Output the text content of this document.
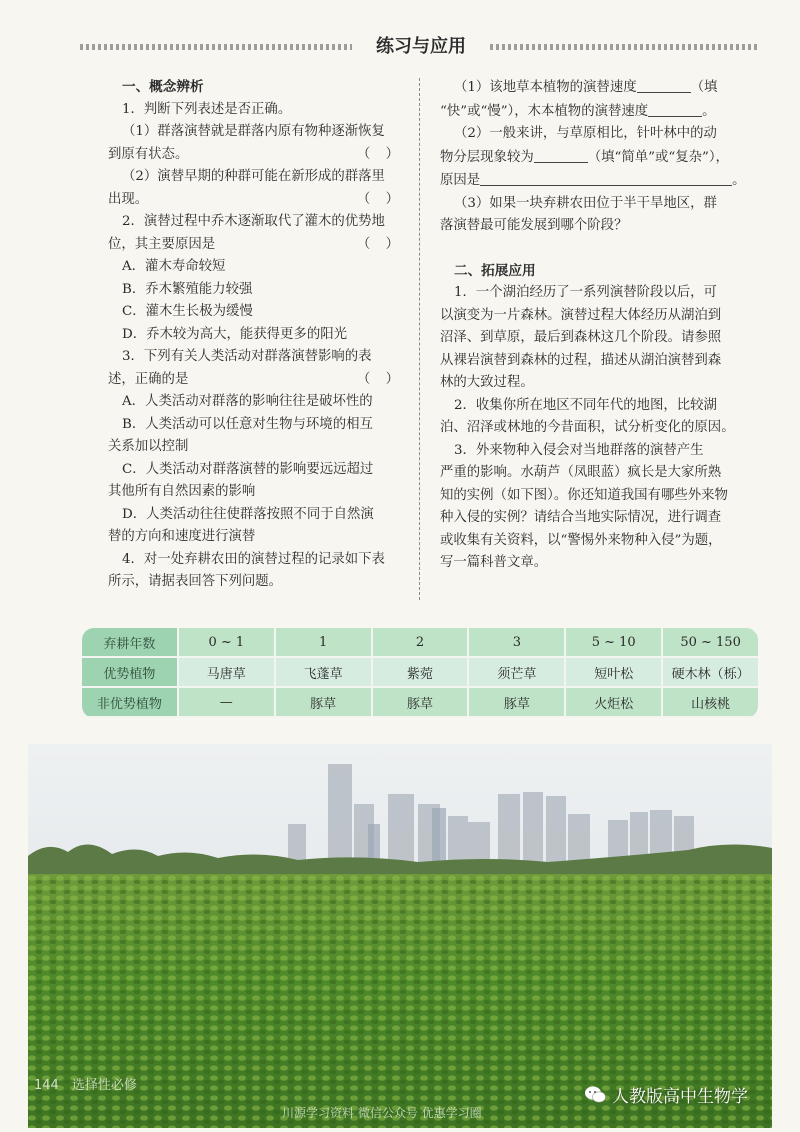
练习与应用

一、概念辨析

1．判断下列表述是否正确。

（1）群落演替就是群落内原有物种逐渐恢复

到原有状态。	（　）

（2）演替早期的种群可能在新形成的群落里

出现。	（　）

2．演替过程中乔木逐渐取代了灌木的优势地

位，其主要原因是	（　）

A．灌木寿命较短

B．乔木繁殖能力较强

C．灌木生长极为缓慢

D．乔木较为高大，能获得更多的阳光

3．下列有关人类活动对群落演替影响的表

述，正确的是	（　）

A．人类活动对群落的影响往往是破坏性的

B．人类活动可以任意对生物与环境的相互

关系加以控制

C．人类活动对群落演替的影响要远远超过

其他所有自然因素的影响

D．人类活动往往使群落按照不同于自然演

替的方向和速度进行演替

4．对一处弃耕农田的演替过程的记录如下表

所示，请据表回答下列问题。

（1）该地草本植物的演替速度	（填

“快”或“慢”），木本植物的演替速度	。

（2）一般来讲，与草原相比，针叶林中的动

物分层现象较为	（填“简单”或“复杂”），

原因是	。

（3）如果一块弃耕农田位于半干旱地区，群

落演替最可能发展到哪个阶段？

二、拓展应用

1．一个湖泊经历了一系列演替阶段以后，可

以演变为一片森林。演替过程大体经历从湖泊到

沼泽、到草原，最后到森林这几个阶段。请参照

从裸岩演替到森林的过程，描述从湖泊演替到森

林的大致过程。

2．收集你所在地区不同年代的地图，比较湖

泊、沼泽或林地的今昔面积，试分析变化的原因。

3．外来物种入侵会对当地群落的演替产生

严重的影响。水葫芦（凤眼蓝）疯长是大家所熟

知的实例（如下图）。你还知道我国有哪些外来物

种入侵的实例？请结合当地实际情况，进行调查

或收集有关资料，以“警惕外来物种入侵”为题，

写一篇科普文章。

弃耕年数	0 ~ 1	1	2	3	5 ~ 10	50 ~ 150
优势植物	马唐草	飞蓬草	紫菀	须芒草	短叶松	硬木林（栎）
非优势植物	—	豚草	豚草	豚草	火炬松	山核桃
144　 选择性必修
川源学习资料 微信公众号 优惠学习圈
人教版高中生物学
